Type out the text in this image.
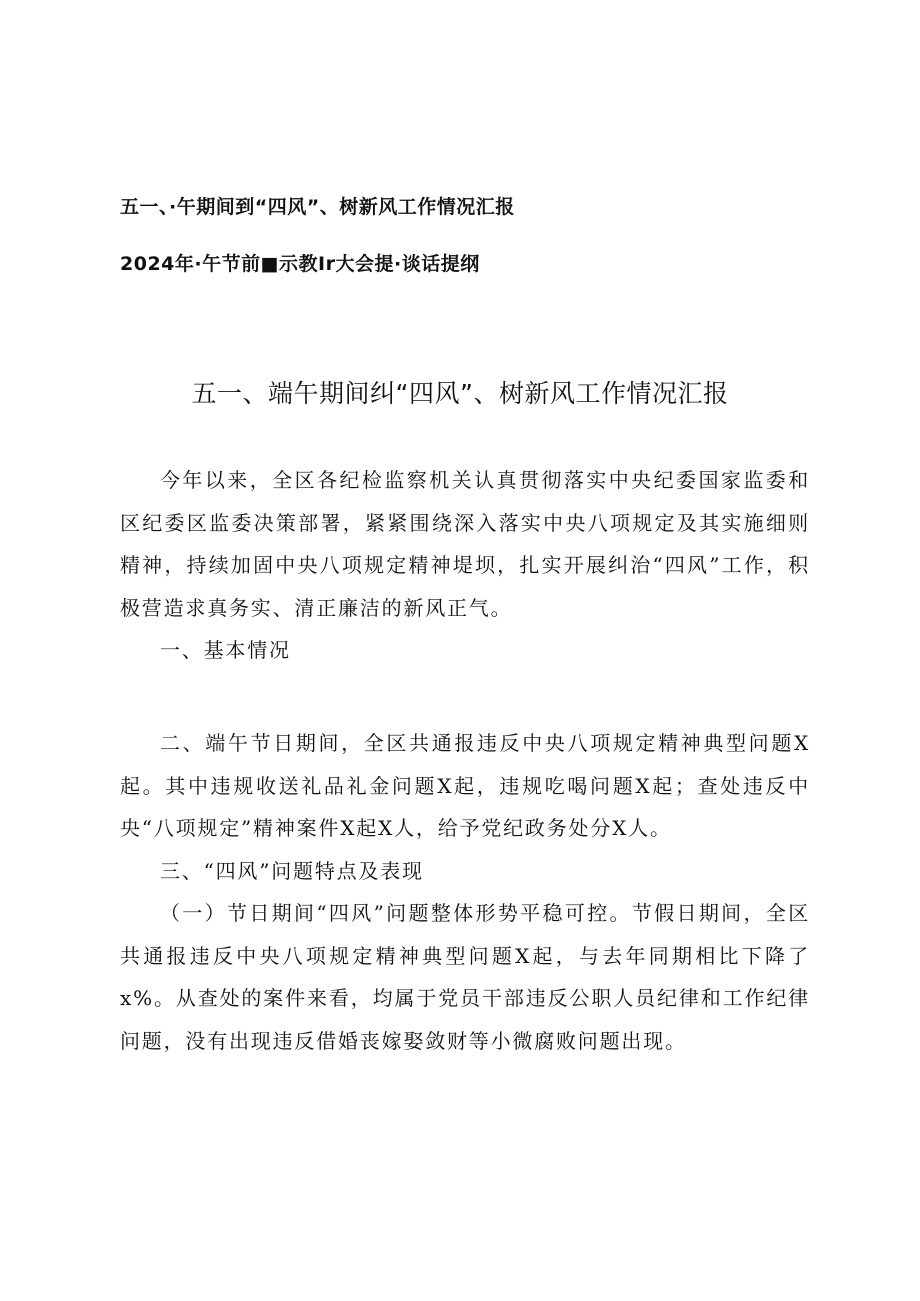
五一、·午期间到“四风”、树新风工作情况汇报
2024年·午节前■示教Ir大会提·谈话提纲
五一、端午期间纠“四风”、树新风工作情况汇报

今年以来，全区各纪检监察机关认真贯彻落实中央纪委国家监委和区纪委区监委决策部署，紧紧围绕深入落实中央八项规定及其实施细则精神，持续加固中央八项规定精神堤坝，扎实开展纠治“四风”工作，积极营造求真务实、清正廉洁的新风正气。

一、基本情况

二、端午节日期间，全区共通报违反中央八项规定精神典型问题X起。其中违规收送礼品礼金问题X起，违规吃喝问题X起；查处违反中央“八项规定”精神案件X起X人，给予党纪政务处分X人。

三、“四风”问题特点及表现

（一）节日期间“四风”问题整体形势平稳可控。节假日期间，全区共通报违反中央八项规定精神典型问题X起，与去年同期相比下降了x%。从查处的案件来看，均属于党员干部违反公职人员纪律和工作纪律问题，没有出现违反借婚丧嫁娶敛财等小微腐败问题出现。
